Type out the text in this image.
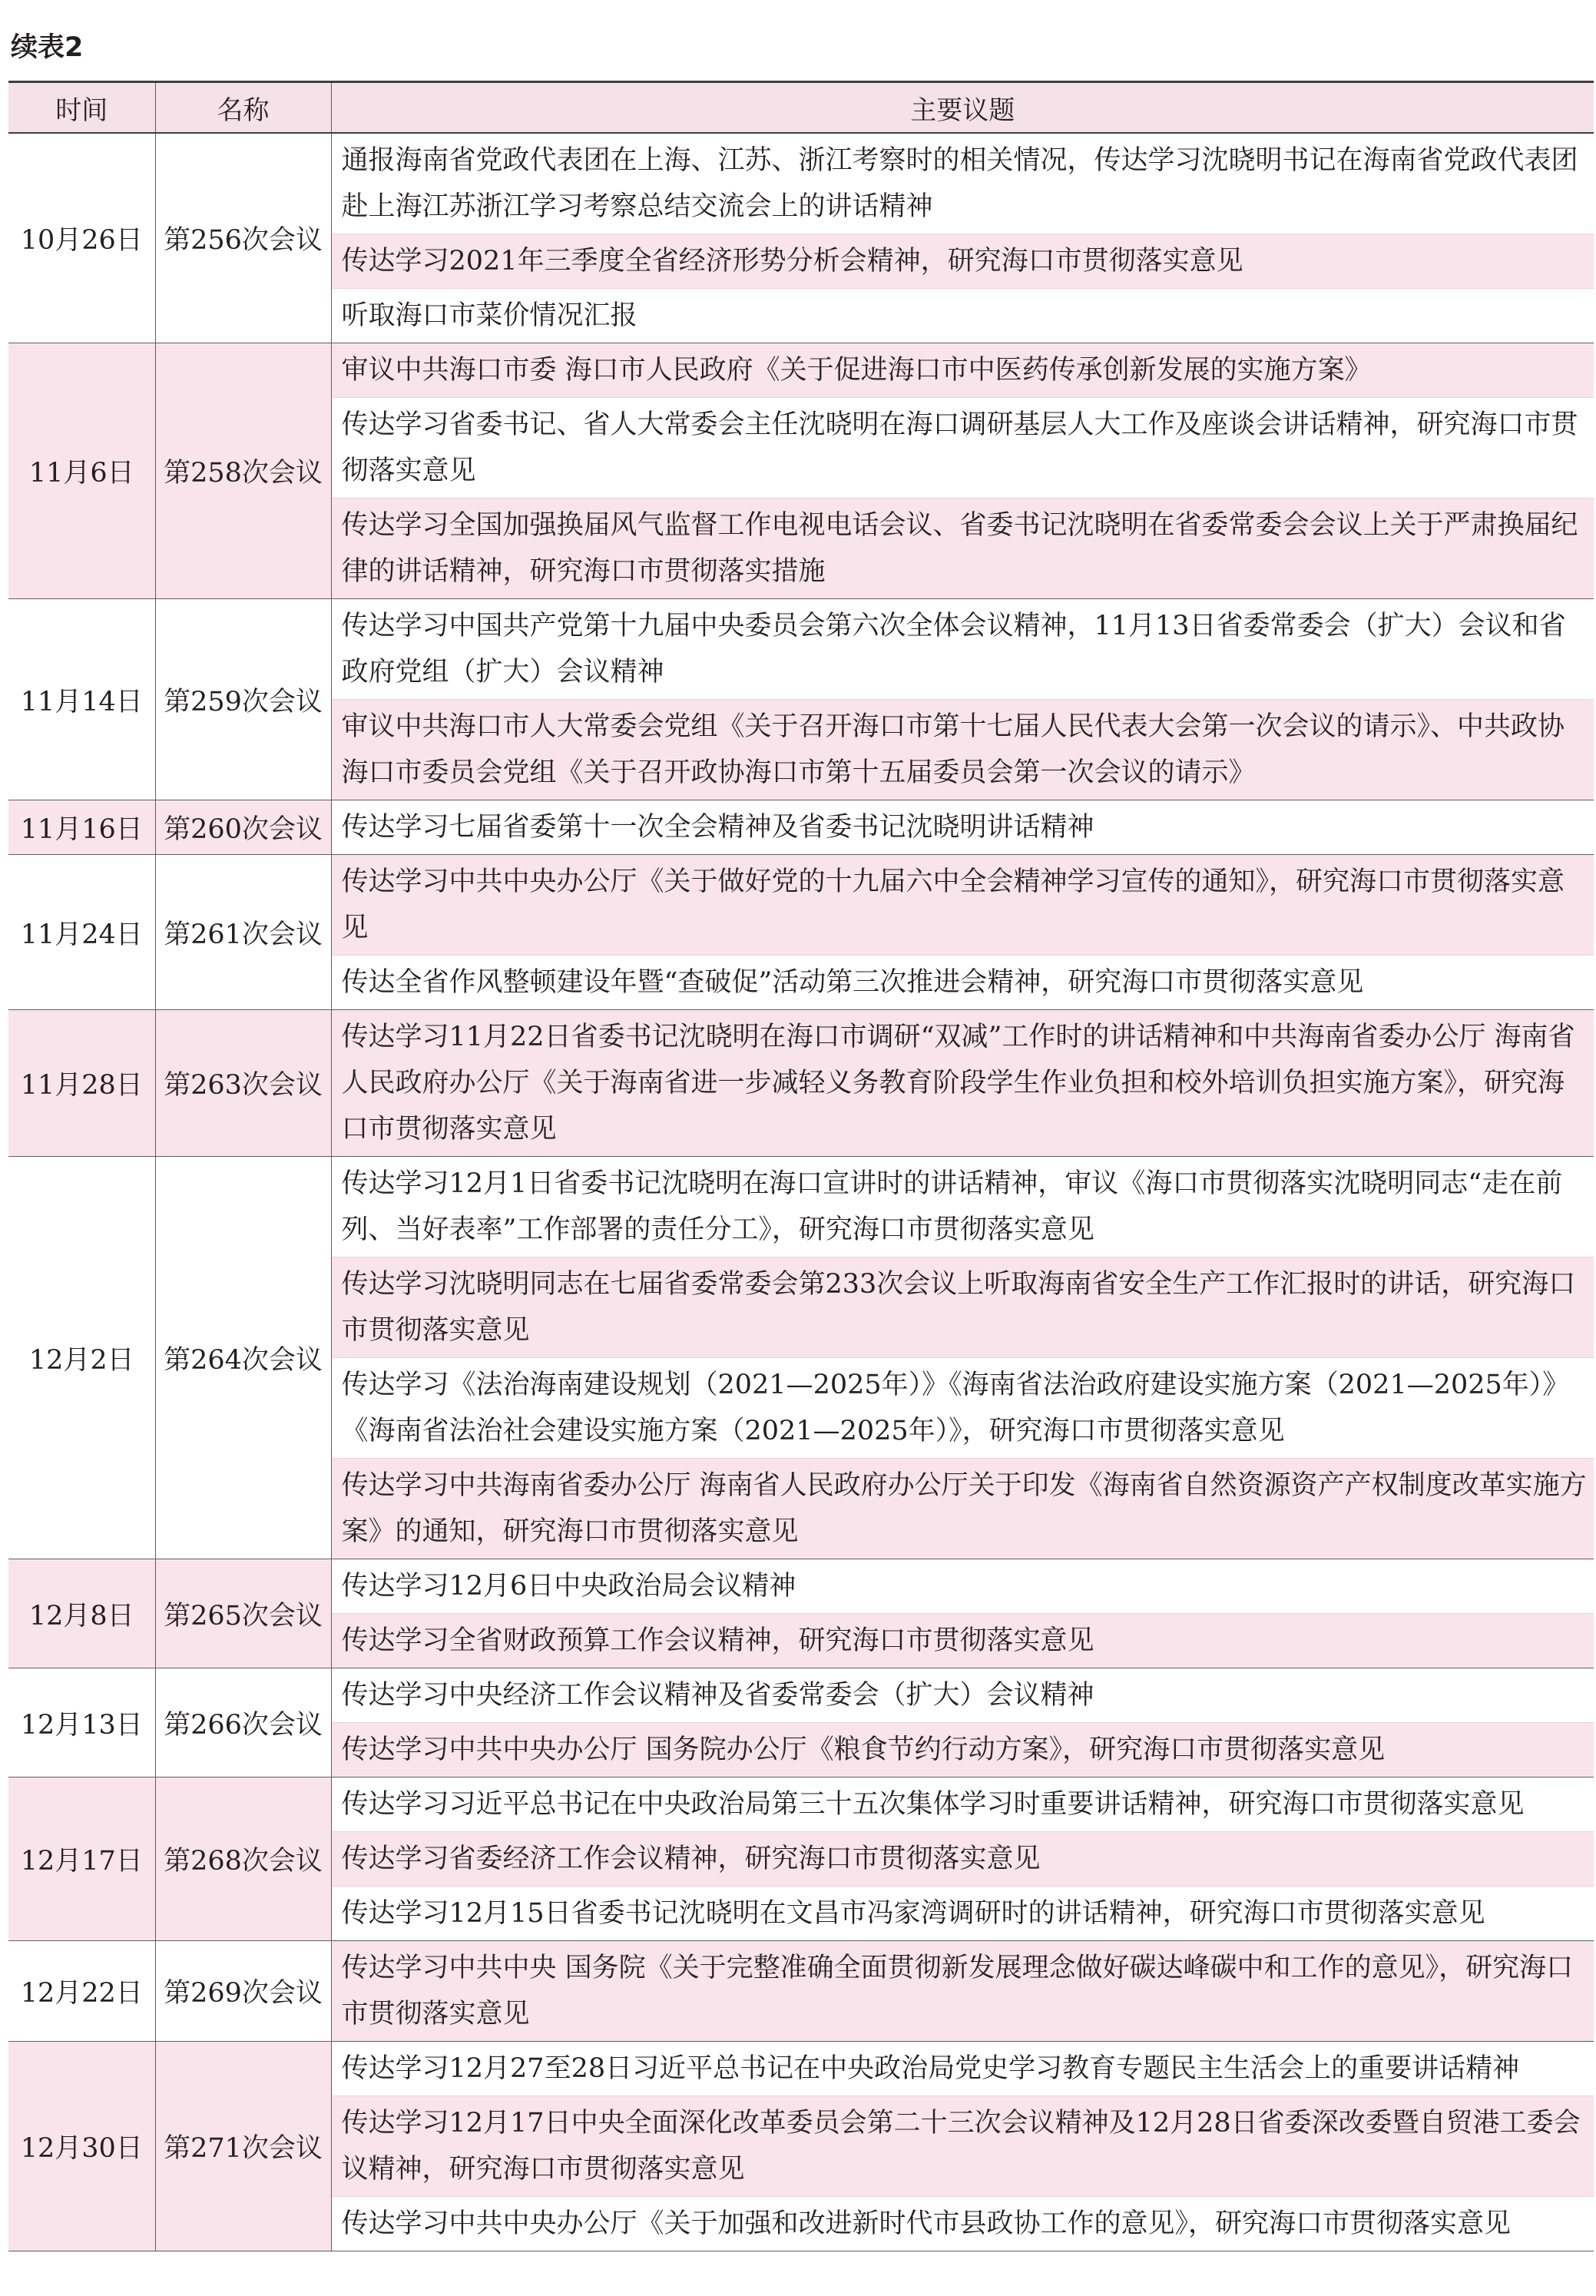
续表2
时间	名称	主要议题
10月26日	第256次会议	通报海南省党政代表团在上海、江苏、浙江考察时的相关情况，传达学习沈晓明书记在海南省党政代表团赴上海江苏浙江学习考察总结交流会上的讲话精神
传达学习2021年三季度全省经济形势分析会精神，研究海口市贯彻落实意见
听取海口市菜价情况汇报

11月6日	第258次会议	审议中共海口市委 海口市人民政府《关于促进海口市中医药传承创新发展的实施方案》
传达学习省委书记、省人大常委会主任沈晓明在海口调研基层人大工作及座谈会讲话精神，研究海口市贯彻落实意见
传达学习全国加强换届风气监督工作电视电话会议、省委书记沈晓明在省委常委会会议上关于严肃换届纪律的讲话精神，研究海口市贯彻落实措施

11月14日	第259次会议	传达学习中国共产党第十九届中央委员会第六次全体会议精神，11月13日省委常委会（扩大）会议和省政府党组（扩大）会议精神
审议中共海口市人大常委会党组《关于召开海口市第十七届人民代表大会第一次会议的请示》、中共政协海口市委员会党组《关于召开政协海口市第十五届委员会第一次会议的请示》

11月16日	第260次会议	传达学习七届省委第十一次全会精神及省委书记沈晓明讲话精神

11月24日	第261次会议	传达学习中共中央办公厅《关于做好党的十九届六中全会精神学习宣传的通知》，研究海口市贯彻落实意见
传达全省作风整顿建设年暨“查破促”活动第三次推进会精神，研究海口市贯彻落实意见

11月28日	第263次会议	传达学习11月22日省委书记沈晓明在海口市调研“双减”工作时的讲话精神和中共海南省委办公厅 海南省人民政府办公厅《关于海南省进一步减轻义务教育阶段学生作业负担和校外培训负担实施方案》，研究海口市贯彻落实意见

12月2日	第264次会议	传达学习12月1日省委书记沈晓明在海口宣讲时的讲话精神，审议《海口市贯彻落实沈晓明同志“走在前列、当好表率”工作部署的责任分工》，研究海口市贯彻落实意见
传达学习沈晓明同志在七届省委常委会第233次会议上听取海南省安全生产工作汇报时的讲话，研究海口市贯彻落实意见
传达学习《法治海南建设规划（2021—2025年）》《海南省法治政府建设实施方案（2021—2025年）》《海南省法治社会建设实施方案（2021—2025年）》，研究海口市贯彻落实意见
传达学习中共海南省委办公厅 海南省人民政府办公厅关于印发《海南省自然资源资产产权制度改革实施方案》的通知，研究海口市贯彻落实意见

12月8日	第265次会议	传达学习12月6日中央政治局会议精神
传达学习全省财政预算工作会议精神，研究海口市贯彻落实意见

12月13日	第266次会议	传达学习中央经济工作会议精神及省委常委会（扩大）会议精神
传达学习中共中央办公厅 国务院办公厅《粮食节约行动方案》，研究海口市贯彻落实意见

12月17日	第268次会议	传达学习习近平总书记在中央政治局第三十五次集体学习时重要讲话精神，研究海口市贯彻落实意见
传达学习省委经济工作会议精神，研究海口市贯彻落实意见
传达学习12月15日省委书记沈晓明在文昌市冯家湾调研时的讲话精神，研究海口市贯彻落实意见

12月22日	第269次会议	传达学习中共中央 国务院《关于完整准确全面贯彻新发展理念做好碳达峰碳中和工作的意见》，研究海口市贯彻落实意见

12月30日	第271次会议	传达学习12月27至28日习近平总书记在中央政治局党史学习教育专题民主生活会上的重要讲话精神
传达学习12月17日中央全面深化改革委员会第二十三次会议精神及12月28日省委深改委暨自贸港工委会议精神，研究海口市贯彻落实意见
传达学习中共中央办公厅《关于加强和改进新时代市县政协工作的意见》，研究海口市贯彻落实意见
